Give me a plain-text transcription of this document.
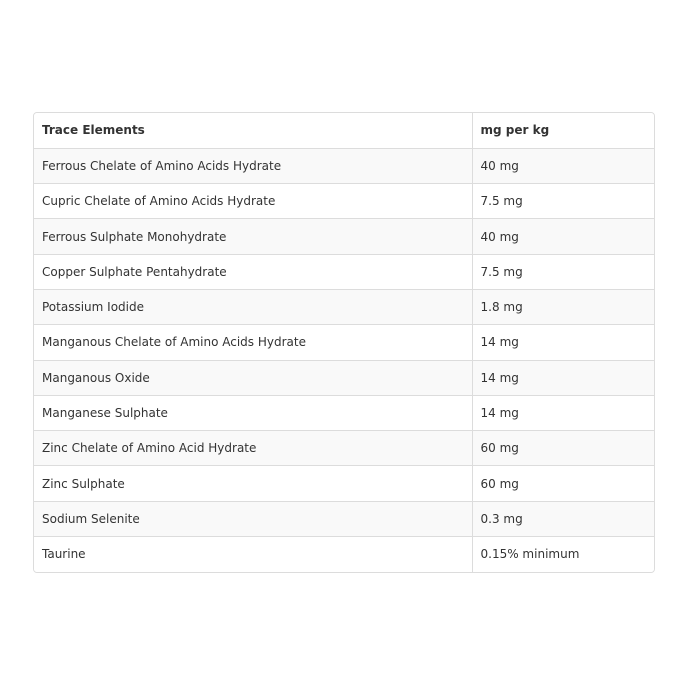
Trace Elements	mg per kg
Ferrous Chelate of Amino Acids Hydrate	40 mg
Cupric Chelate of Amino Acids Hydrate	7.5 mg
Ferrous Sulphate Monohydrate	40 mg
Copper Sulphate Pentahydrate	7.5 mg
Potassium Iodide	1.8 mg
Manganous Chelate of Amino Acids Hydrate	14 mg
Manganous Oxide	14 mg
Manganese Sulphate	14 mg
Zinc Chelate of Amino Acid Hydrate	60 mg
Zinc Sulphate	60 mg
Sodium Selenite	0.3 mg
Taurine	0.15% minimum
